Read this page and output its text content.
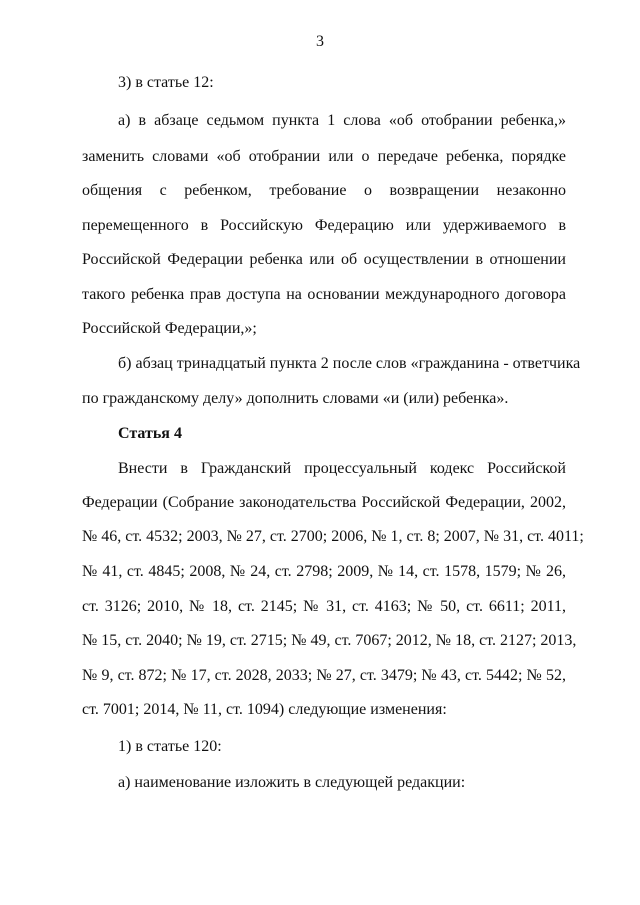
3
3) в статье 12:
а) в абзаце седьмом пункта 1 слова «об отобрании ребенка,»
заменить словами «об отобрании или о передаче ребенка, порядке
общения с ребенком, требование о возвращении незаконно
перемещенного в Российскую Федерацию или удерживаемого в
Российской Федерации ребенка или об осуществлении в отношении
такого ребенка прав доступа на основании международного договора
Российской Федерации,»;
б) абзац тринадцатый пункта 2 после слов «гражданина - ответчика
по гражданскому делу» дополнить словами «и (или) ребенка».
Статья 4
Внести в Гражданский процессуальный кодекс Российской
Федерации (Собрание законодательства Российской Федерации, 2002,
№ 46, ст. 4532; 2003, № 27, ст. 2700; 2006, № 1, ст. 8; 2007, № 31, ст. 4011;
№ 41, ст. 4845; 2008, № 24, ст. 2798; 2009, № 14, ст. 1578, 1579; № 26,
ст. 3126; 2010, № 18, ст. 2145; № 31, ст. 4163; № 50, ст. 6611; 2011,
№ 15, ст. 2040; № 19, ст. 2715; № 49, ст. 7067; 2012, № 18, ст. 2127; 2013,
№ 9, ст. 872; № 17, ст. 2028, 2033; № 27, ст. 3479; № 43, ст. 5442; № 52,
ст. 7001; 2014, № 11, ст. 1094) следующие изменения:
1) в статье 120:
а) наименование изложить в следующей редакции:
